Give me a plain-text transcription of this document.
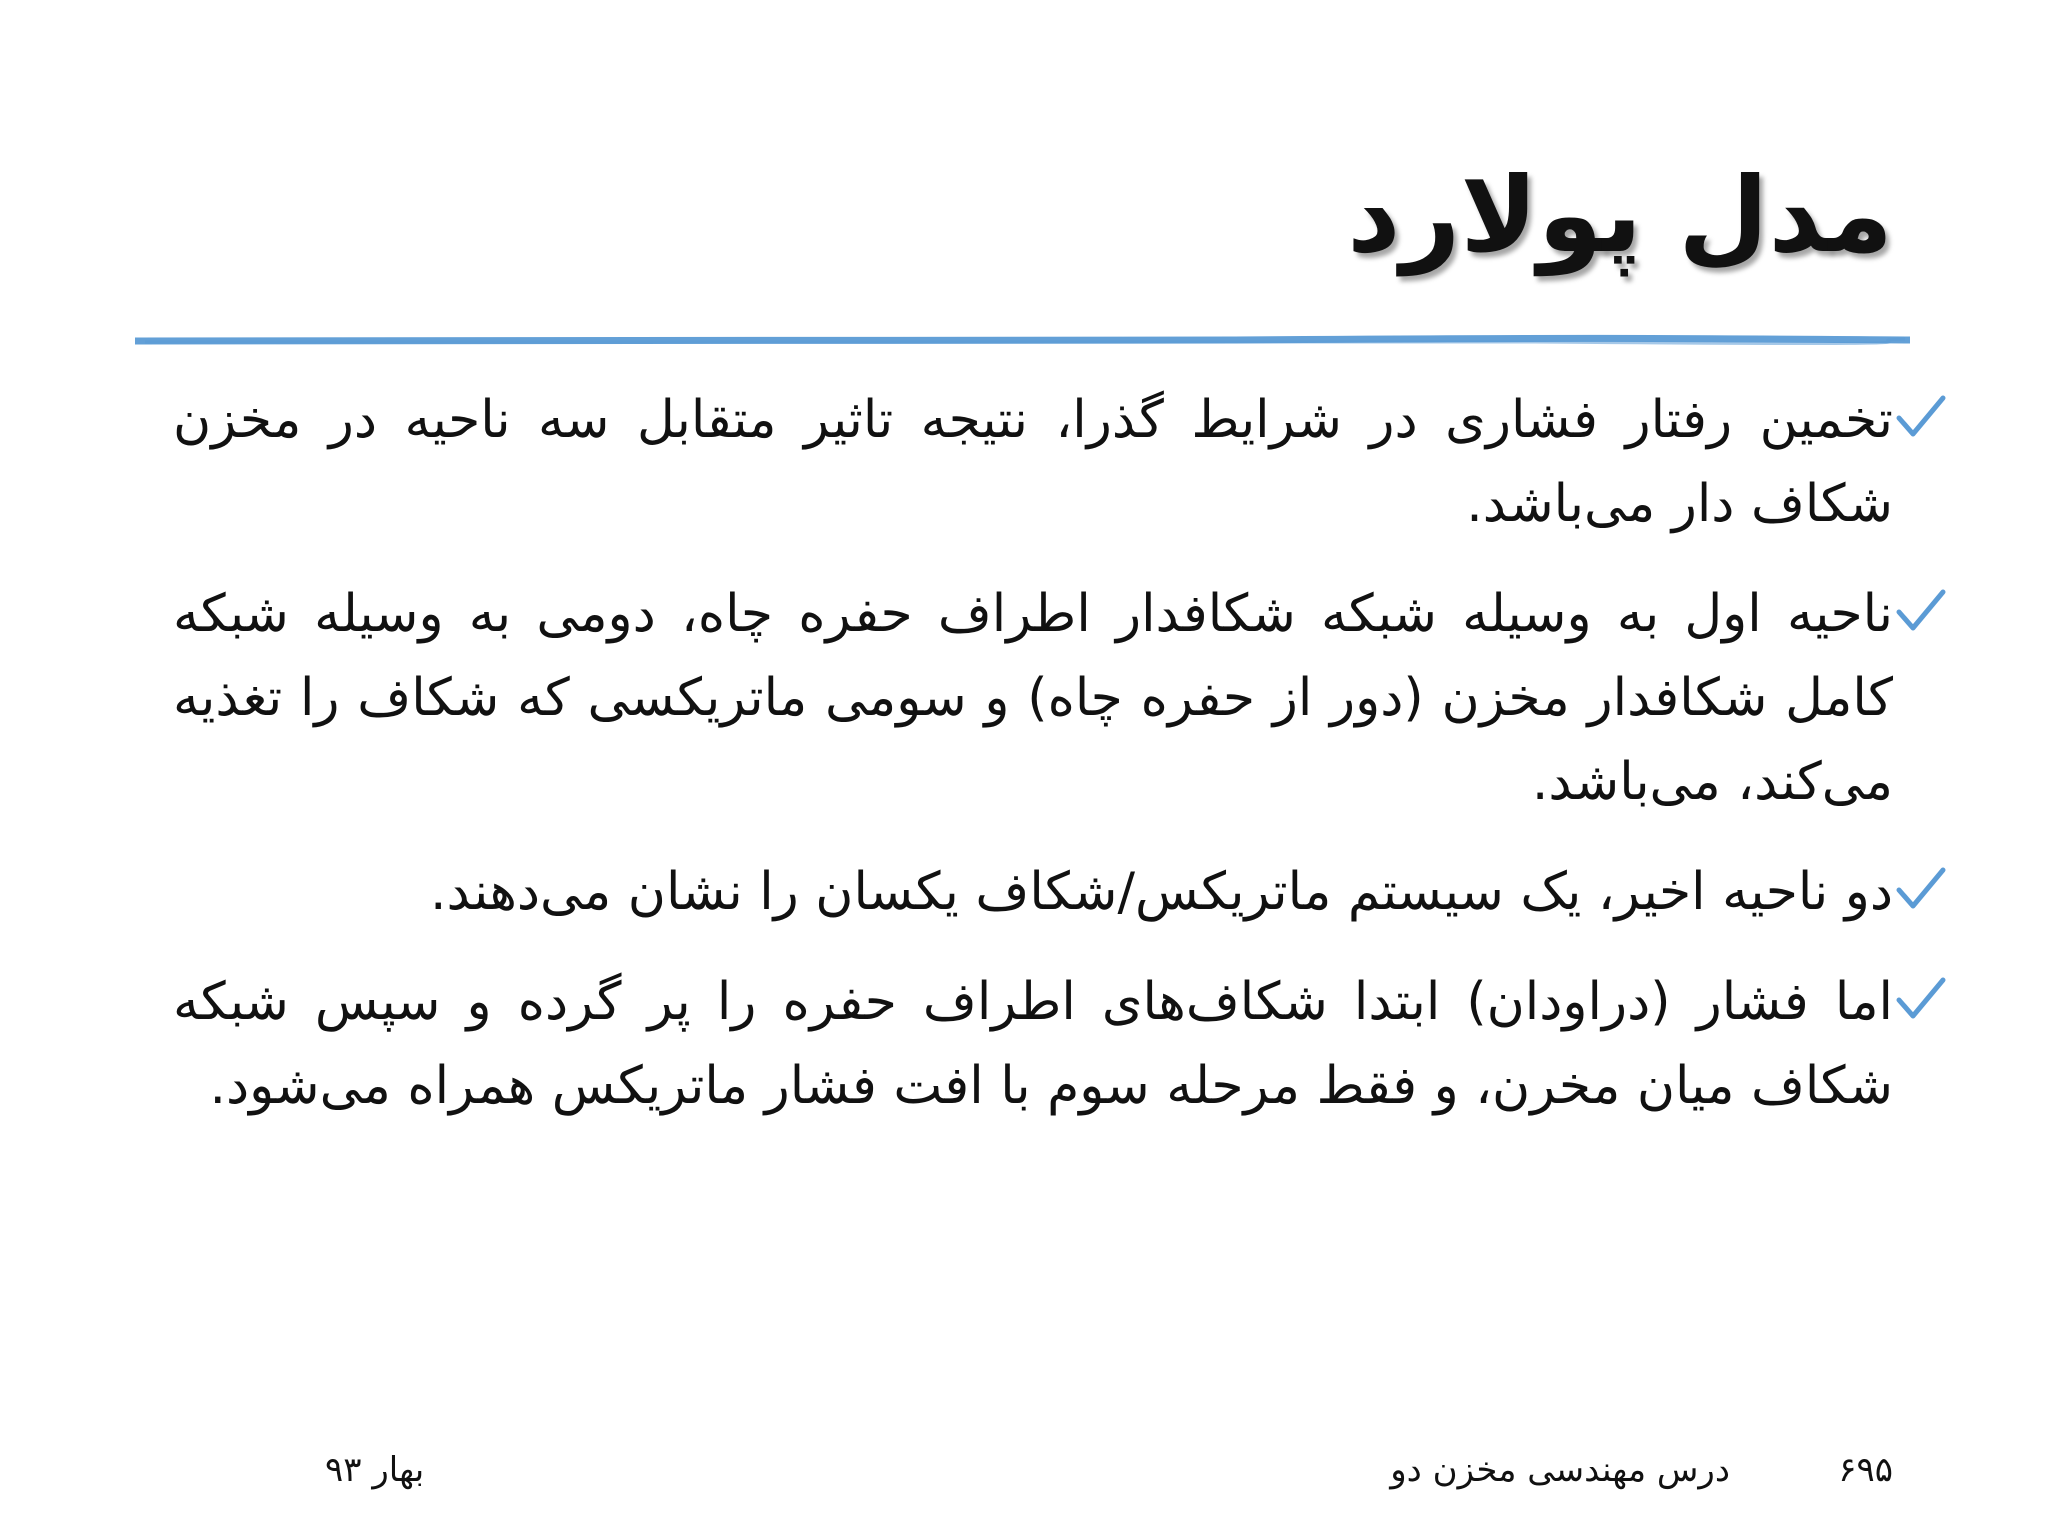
مدل پولارد
تخمین رفتار فشاری در شرایط گذرا، نتیجه تاثیر متقابل سه ناحیه در مخزن شکاف دار می‌باشد.
ناحیه اول به وسیله شبکه شکافدار اطراف حفره چاه، دومی به وسیله شبکه کامل شکافدار مخزن (دور از حفره چاه) و سومی ماتریکسی که شکاف را تغذیه می‌کند، می‌باشد.
دو ناحیه اخیر، یک سیستم ماتریکس/شکاف یکسان را نشان می‌دهند.
اما فشار (دراودان) ابتدا شکاف‌های اطراف حفره را پر گرده و سپس شبکه شکاف میان مخرن، و فقط مرحله سوم با افت فشار ماتریکس همراه می‌شود.
۶۹۵
درس مهندسی مخزن دو
بهار ۹۳
